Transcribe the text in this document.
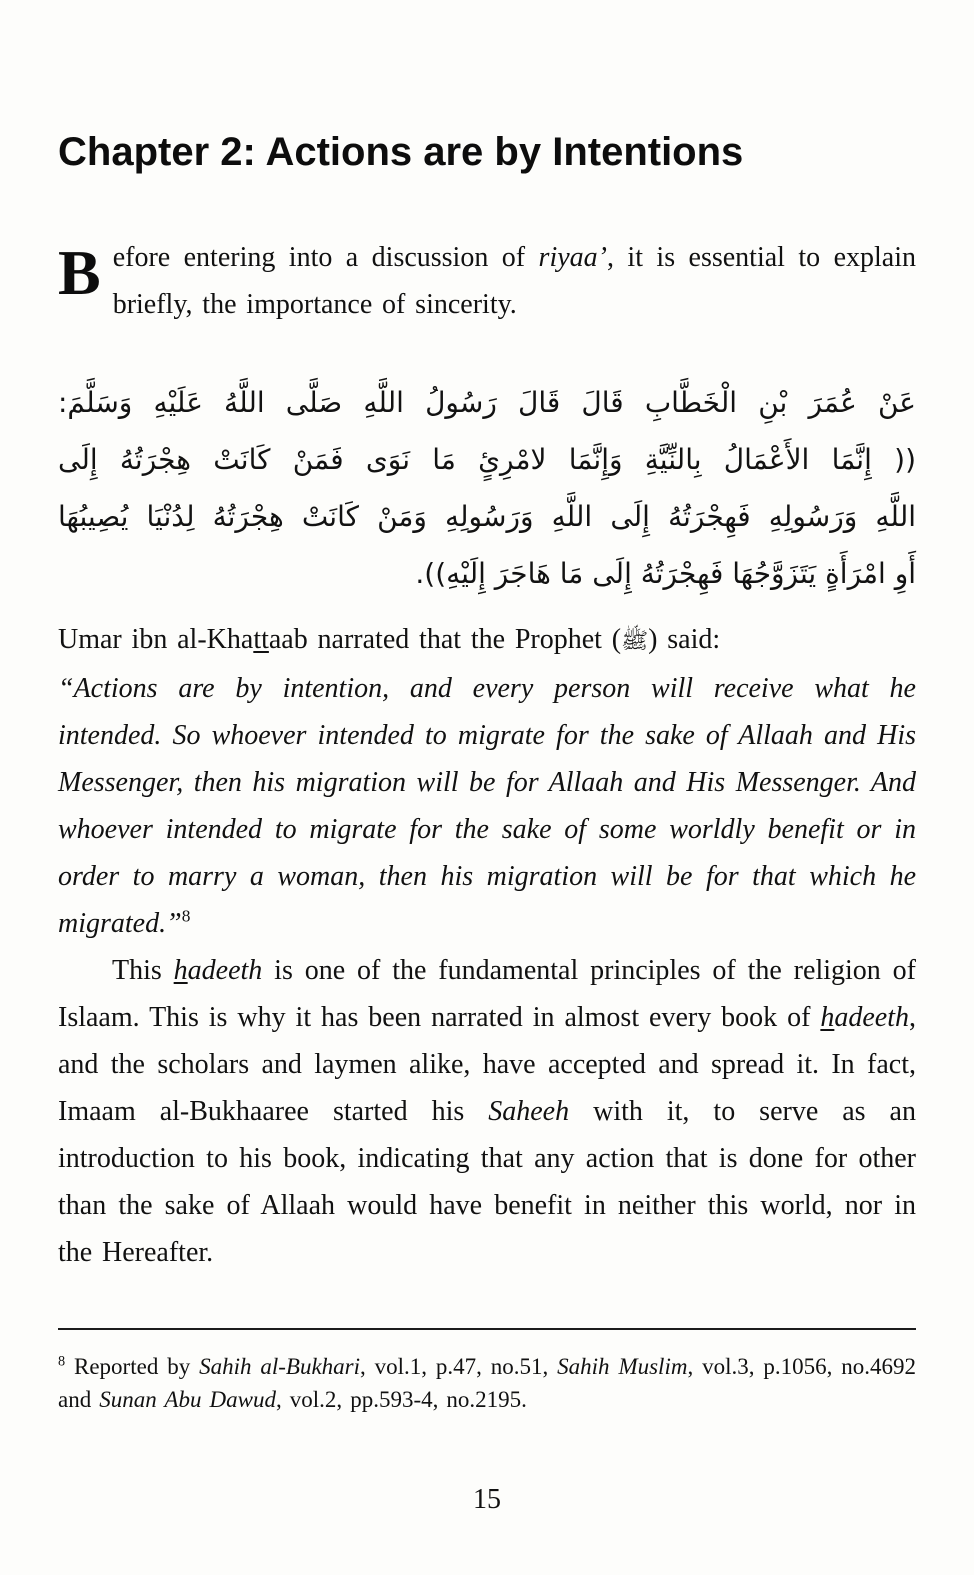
Chapter 2: Actions are by Intentions

Before entering into a discussion of riyaa’, it is essential to explain briefly, the importance of sincerity.

عَنْ عُمَرَ بْنِ الْخَطَّابِ قَالَ قَالَ رَسُولُ اللَّهِ صَلَّى اللَّهُ عَلَيْهِ وَسَلَّمَ:
(( إِنَّمَا الأَعْمَالُ بِالنِّيَّةِ وَإِنَّمَا لامْرِئٍ مَا نَوَى فَمَنْ كَانَتْ هِجْرَتُهُ إِلَى
اللَّهِ وَرَسُولِهِ فَهِجْرَتُهُ إِلَى اللَّهِ وَرَسُولِهِ وَمَنْ كَانَتْ هِجْرَتُهُ لِدُنْيَا يُصِيبُهَا
أَوِ امْرَأَةٍ يَتَزَوَّجُهَا فَهِجْرَتُهُ إِلَى مَا هَاجَرَ إِلَيْهِ)).

Umar ibn al-Khattaab narrated that the Prophet (ﷺ) said:

“Actions are by intention, and every person will receive what he intended. So whoever intended to migrate for the sake of Allaah and His Messenger, then his migration will be for Allaah and His Messenger. And whoever intended to migrate for the sake of some worldly benefit or in order to marry a woman, then his migration will be for that which he migrated.”$^8$

This hadeeth is one of the fundamental principles of the religion of Islaam. This is why it has been narrated in almost every book of hadeeth, and the scholars and laymen alike, have accepted and spread it. In fact, Imaam al-Bukhaaree started his Saheeh with it, to serve as an introduction to his book, indicating that any action that is done for other than the sake of Allaah would have benefit in neither this world, nor in the Hereafter.

$^8$ Reported by Sahih al-Bukhari, vol.1, p.47, no.51, Sahih Muslim, vol.3, p.1056, no.4692 and Sunan Abu Dawud, vol.2, pp.593-4, no.2195.

15
